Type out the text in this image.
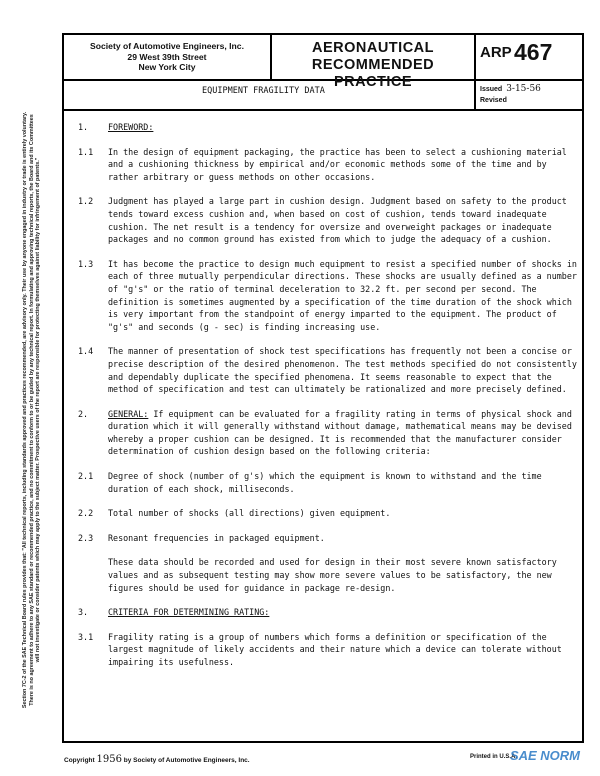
Society of Automotive Engineers, Inc.
29 West 39th Street
New York City
AERONAUTICAL
RECOMMENDED PRACTICE
ARP 467
EQUIPMENT FRAGILITY DATA	Issued 3-15-56
Revised
1. FOREWORD:
1.1 In the design of equipment packaging, the practice has been to select a cushioning material and a cushioning thickness by empirical and/or economic methods some of the time and by rather arbitrary or guess methods on other occasions.
1.2 Judgment has played a large part in cushion design. Judgment based on safety to the product tends toward excess cushion and, when based on cost of cushion, tends toward inadequate cushion. The net result is a tendency for oversize and overweight packages or inadequate packages and no common ground has existed from which to judge the adequacy of a cushion.
1.3 It has become the practice to design much equipment to resist a specified number of shocks in each of three mutually perpendicular directions. These shocks are usually defined as a number of "g's" or the ratio of terminal deceleration to 32.2 ft. per second per second. The definition is sometimes augmented by a specification of the time duration of the shock which is very important from the standpoint of energy imparted to the equipment. The product of "g's" and seconds (g - sec) is finding increasing use.
1.4 The manner of presentation of shock test specifications has frequently not been a concise or precise description of the desired phenomenon. The test methods specified do not consistently and dependably duplicate the specified phenomena. It seems reasonable to expect that the method of specification and test can ultimately be rationalized and more precisely defined.
2. GENERAL: If equipment can be evaluated for a fragility rating in terms of physical shock and duration which it will generally withstand without damage, mathematical means may be devised whereby a proper cushion can be designed. It is recommended that the manufacturer consider determination of cushion design based on the following criteria:
2.1 Degree of shock (number of g's) which the equipment is known to withstand and the time duration of each shock, milliseconds.
2.2 Total number of shocks (all directions) given equipment.
2.3 Resonant frequencies in packaged equipment.
These data should be recorded and used for design in their most severe known satisfactory values and as subsequent testing may show more severe values to be satisfactory, the new figures should be used for guidance in package re-design.
3. CRITERIA FOR DETERMINING RATING:
3.1 Fragility rating is a group of numbers which forms a definition or specification of the largest magnitude of likely accidents and their nature which a device can tolerate without impairing its usefulness.
Section 7C-2 of the SAE Technical Board rules provides that: "All technical reports, including standards approved and practices recommended, are advisory only. Their use by anyone engaged in industry or trade is entirely voluntary. There is no agreement to adhere to any SAE standard or recommended practice, and no commitment to conform to or be guided by any technical report. In formulating and approving technical reports, the Board and its Committees will not investigate or consider patents which may apply to the subject matter. Prospective users of the report are responsible for protecting themselves against liability for infringement of patents."
Copyright 1956 by Society of Automotive Engineers, Inc.	Printed in U.S.A.
SAE NORM
